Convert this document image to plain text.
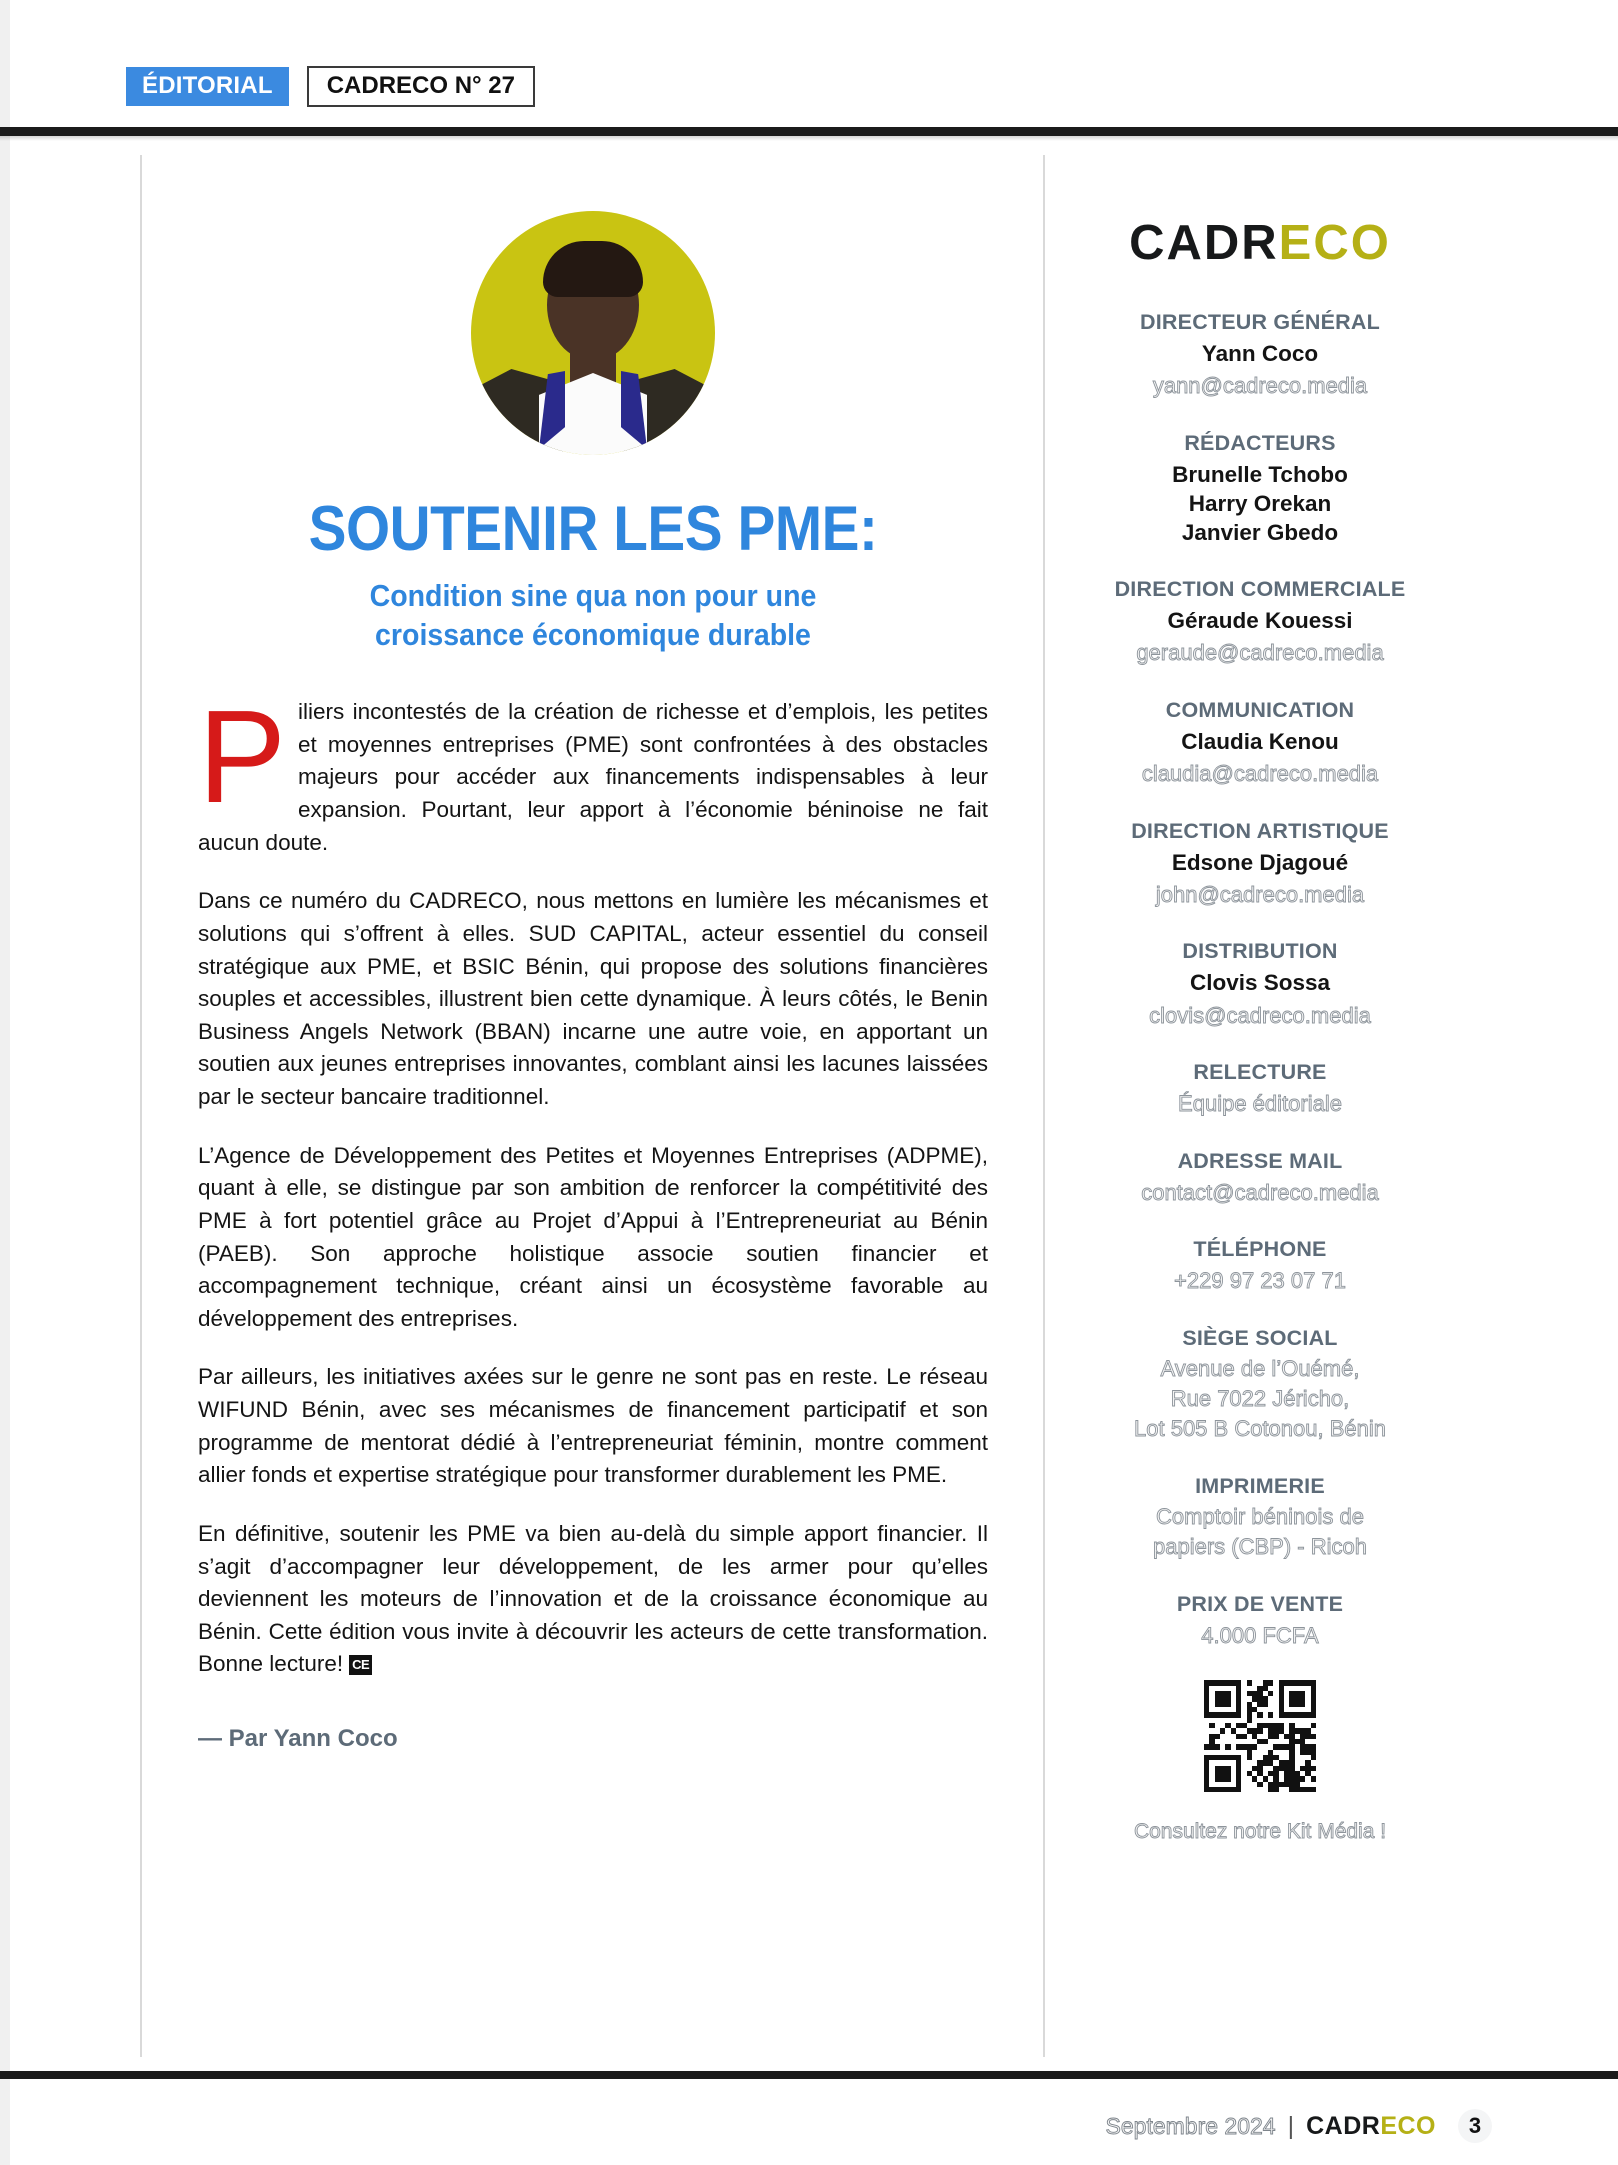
ÉDITORIAL	CADRECO N° 27
SOUTENIR LES PME:
Condition sine qua non pour une
croissance économique durable

Piliers incontestés de la création de richesse et d’emplois, les petites et moyennes entreprises (PME) sont confrontées à des obstacles majeurs pour accéder aux financements indispensables à leur expansion. Pourtant, leur apport à l’économie béninoise ne fait aucun doute.

Dans ce numéro du CADRECO, nous mettons en lumière les mécanismes et solutions qui s’offrent à elles. SUD CAPITAL, acteur essentiel du conseil stratégique aux PME, et BSIC Bénin, qui propose des solutions financières souples et accessibles, illustrent bien cette dynamique. À leurs côtés, le Benin Business Angels Network (BBAN) incarne une autre voie, en apportant un soutien aux jeunes entreprises innovantes, comblant ainsi les lacunes laissées par le secteur bancaire traditionnel.

L’Agence de Développement des Petites et Moyennes Entreprises (ADPME), quant à elle, se distingue par son ambition de renforcer la compétitivité des PME à fort potentiel grâce au Projet d’Appui à l’Entrepreneuriat au Bénin (PAEB). Son approche holistique associe soutien financier et accompagnement technique, créant ainsi un écosystème favorable au développement des entreprises.

Par ailleurs, les initiatives axées sur le genre ne sont pas en reste. Le réseau WIFUND Bénin, avec ses mécanismes de financement participatif et son programme de mentorat dédié à l’entrepreneuriat féminin, montre comment allier fonds et expertise stratégique pour transformer durablement les PME.

En définitive, soutenir les PME va bien au-delà du simple apport financier. Il s’agit d’accompagner leur développement, de les armer pour qu’elles deviennent les moteurs de l’innovation et de la croissance économique au Bénin. Cette édition vous invite à découvrir les acteurs de cette transformation. Bonne lecture! CE

— Par Yann Coco
CADRECO
DIRECTEUR GÉNÉRAL
Yann Coco
yann@cadreco.media
RÉDACTEURS
Brunelle Tchobo
Harry Orekan
Janvier Gbedo
DIRECTION COMMERCIALE
Géraude Kouessi
geraude@cadreco.media
COMMUNICATION
Claudia Kenou
claudia@cadreco.media
DIRECTION ARTISTIQUE
Edsone Djagoué
john@cadreco.media
DISTRIBUTION
Clovis Sossa
clovis@cadreco.media
RELECTURE
Équipe éditoriale
ADRESSE MAIL
contact@cadreco.media
TÉLÉPHONE
+229 97 23 07 71
SIÈGE SOCIAL
Avenue de l’Ouémé,
Rue 7022 Jéricho,
Lot 505 B Cotonou, Bénin
IMPRIMERIE
Comptoir béninois de
papiers (CBP) - Ricoh
PRIX DE VENTE
4.000 FCFA
Consultez notre Kit Média !
Septembre 2024 | CADRECO	3
